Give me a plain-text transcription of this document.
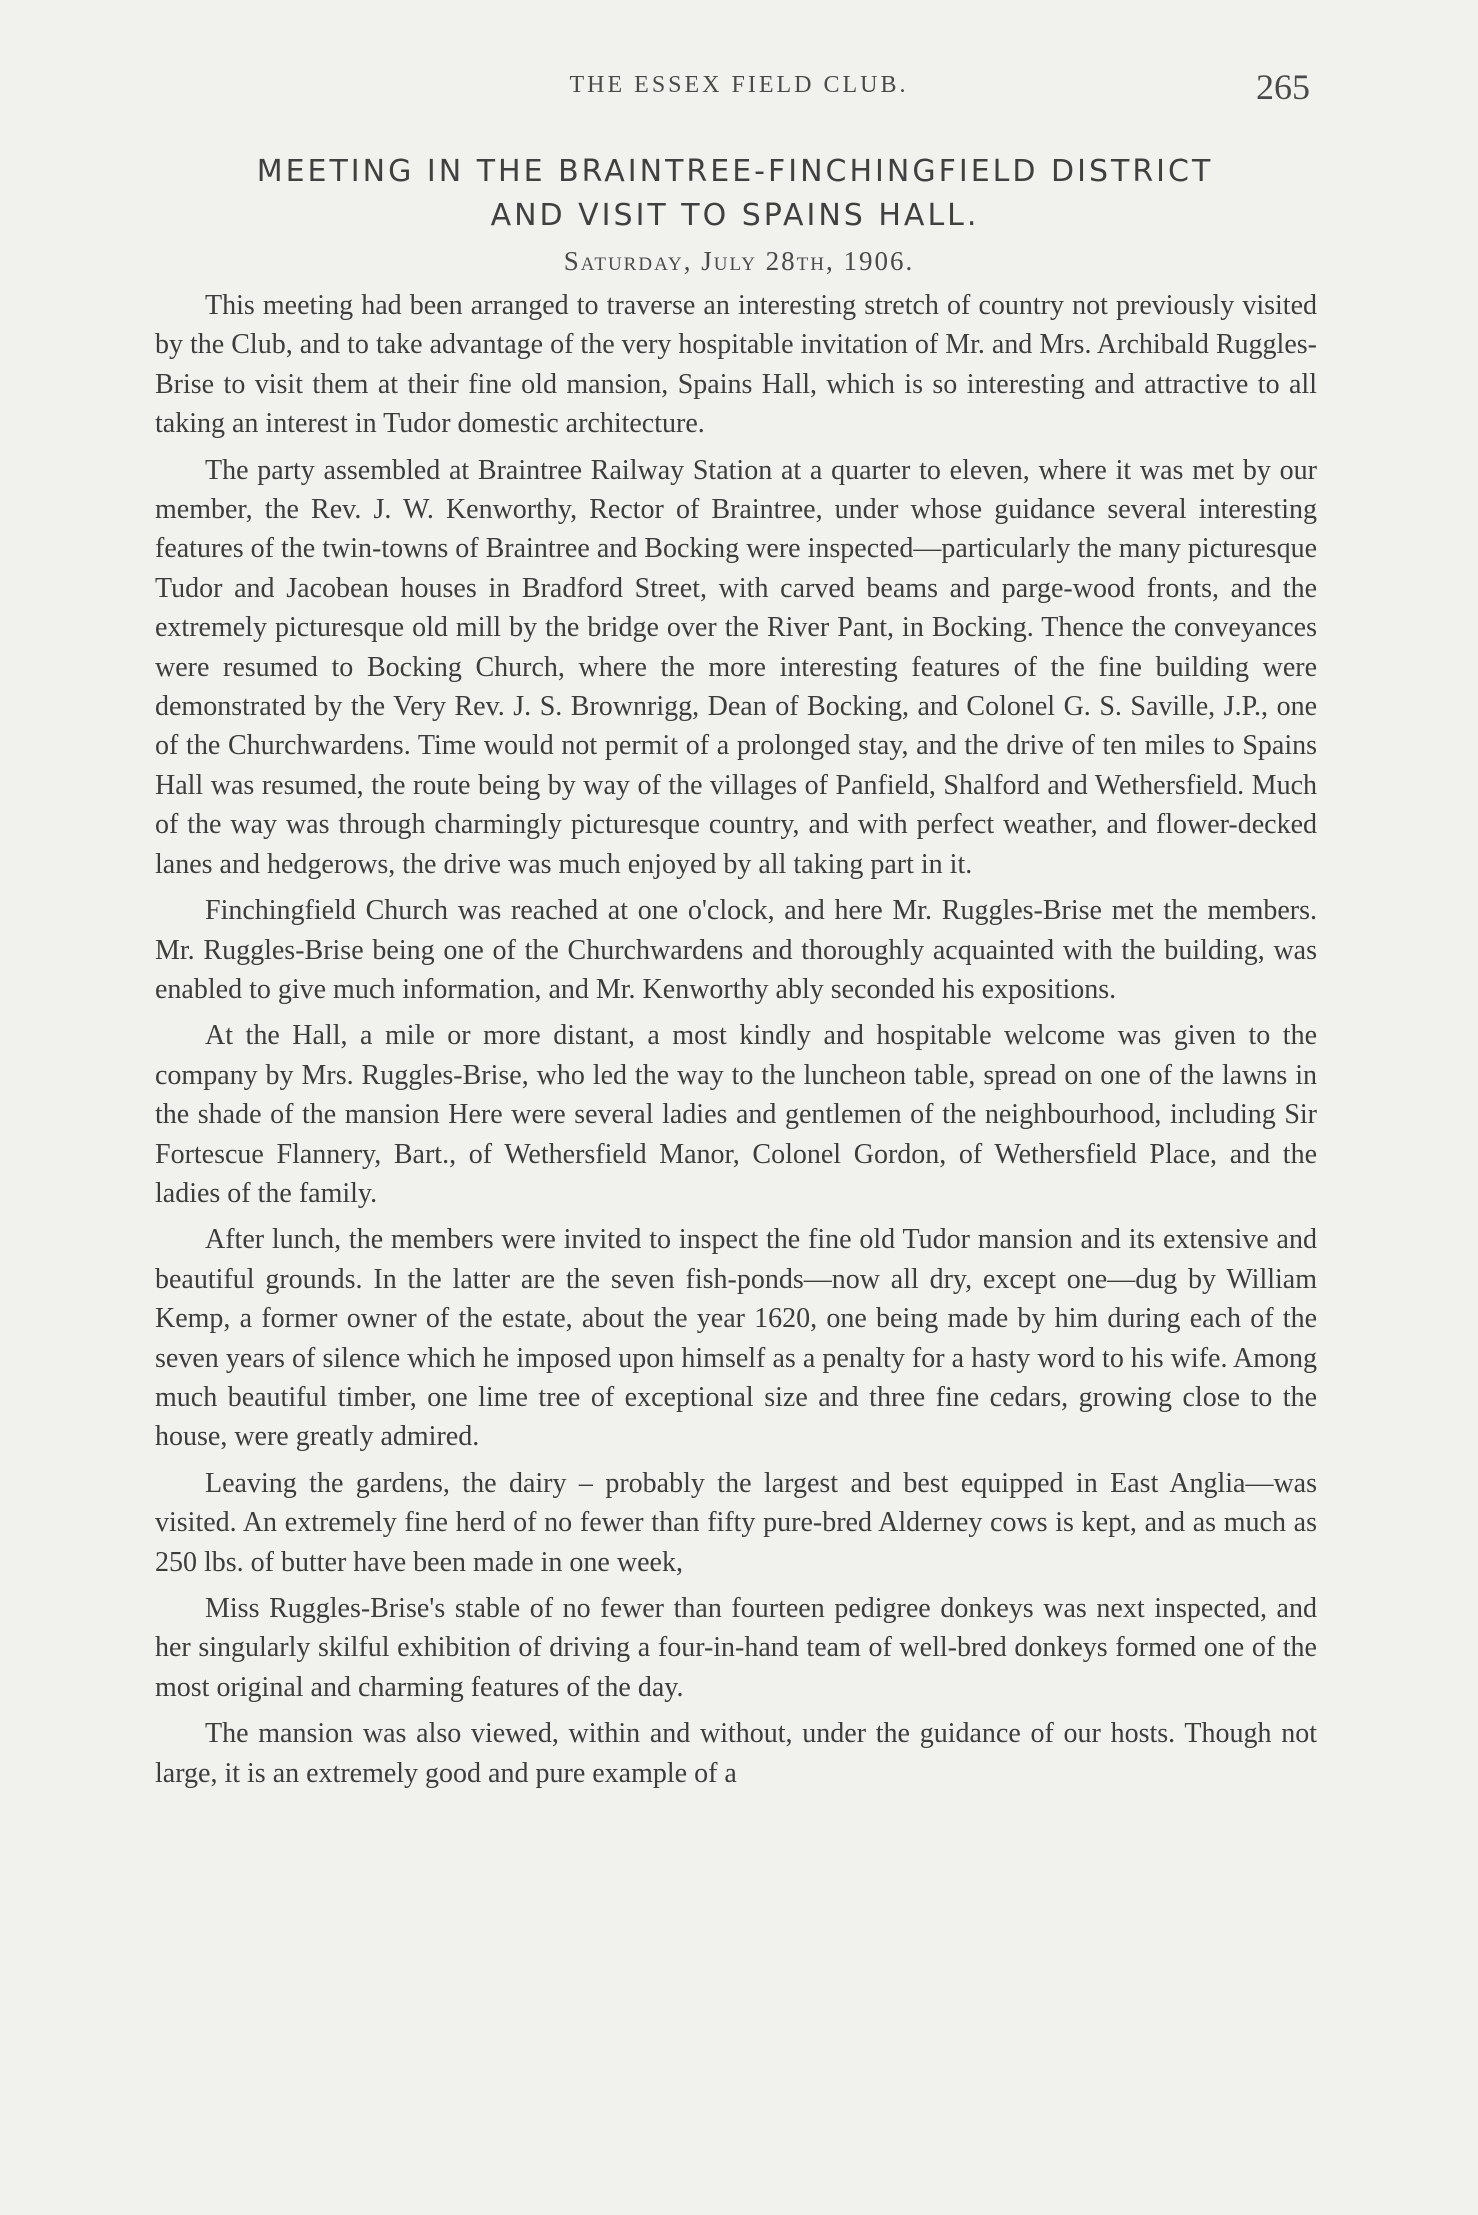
THE ESSEX FIELD CLUB.	265
MEETING IN THE BRAINTREE-FINCHINGFIELD DISTRICT
AND VISIT TO SPAINS HALL.
Saturday, July 28th, 1906.

This meeting had been arranged to traverse an interesting stretch of country not previously visited by the Club, and to take advantage of the very hospitable invitation of Mr. and Mrs. Archibald Ruggles-Brise to visit them at their fine old mansion, Spains Hall, which is so interesting and attractive to all taking an interest in Tudor domestic architecture.

The party assembled at Braintree Railway Station at a quarter to eleven, where it was met by our member, the Rev. J. W. Kenworthy, Rector of Braintree, under whose guidance several interesting features of the twin-towns of Braintree and Bocking were inspected—particularly the many picturesque Tudor and Jacobean houses in Bradford Street, with carved beams and parge-wood fronts, and the extremely picturesque old mill by the bridge over the River Pant, in Bocking. Thence the conveyances were resumed to Bocking Church, where the more interesting features of the fine building were demonstrated by the Very Rev. J. S. Brownrigg, Dean of Bocking, and Colonel G. S. Saville, J.P., one of the Churchwardens. Time would not permit of a prolonged stay, and the drive of ten miles to Spains Hall was resumed, the route being by way of the villages of Panfield, Shalford and Wethersfield. Much of the way was through charmingly picturesque country, and with perfect weather, and flower-decked lanes and hedgerows, the drive was much enjoyed by all taking part in it.

Finchingfield Church was reached at one o'clock, and here Mr. Ruggles-Brise met the members. Mr. Ruggles-Brise being one of the Churchwardens and thoroughly acquainted with the building, was enabled to give much information, and Mr. Kenworthy ably seconded his expositions.

At the Hall, a mile or more distant, a most kindly and hospitable welcome was given to the company by Mrs. Ruggles-Brise, who led the way to the luncheon table, spread on one of the lawns in the shade of the mansion Here were several ladies and gentlemen of the neighbourhood, including Sir Fortescue Flannery, Bart., of Wethersfield Manor, Colonel Gordon, of Wethersfield Place, and the ladies of the family.

After lunch, the members were invited to inspect the fine old Tudor mansion and its extensive and beautiful grounds. In the latter are the seven fish-ponds—now all dry, except one—dug by William Kemp, a former owner of the estate, about the year 1620, one being made by him during each of the seven years of silence which he imposed upon himself as a penalty for a hasty word to his wife. Among much beautiful timber, one lime tree of exceptional size and three fine cedars, growing close to the house, were greatly admired.

Leaving the gardens, the dairy – probably the largest and best equipped in East Anglia—was visited. An extremely fine herd of no fewer than fifty pure-bred Alderney cows is kept, and as much as 250 lbs. of butter have been made in one week,

Miss Ruggles-Brise's stable of no fewer than fourteen pedigree donkeys was next inspected, and her singularly skilful exhibition of driving a four-in-hand team of well-bred donkeys formed one of the most original and charming features of the day.

The mansion was also viewed, within and without, under the guidance of our hosts. Though not large, it is an extremely good and pure example of a
